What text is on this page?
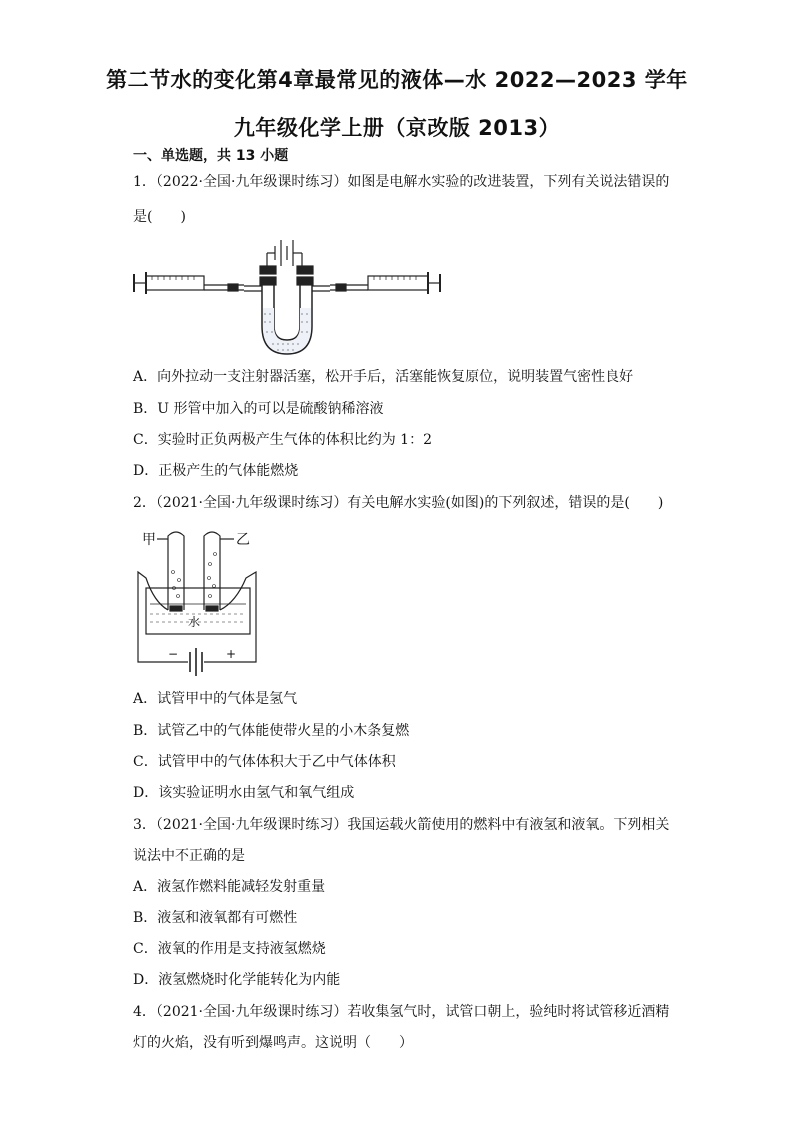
第二节水的变化第4章最常见的液体—水 2022—2023 学年
九年级化学上册（京改版 2013）
一、单选题，共 13 小题
1．（2022·全国·九年级课时练习）如图是电解水实验的改进装置，下列有关说法错误的
是(　　)
A．向外拉动一支注射器活塞，松开手后，活塞能恢复原位，说明装置气密性良好
B．U 形管中加入的可以是硫酸钠稀溶液
C．实验时正负两极产生气体的体积比约为 1：2
D．正极产生的气体能燃烧
2．（2021·全国·九年级课时练习）有关电解水实验(如图)的下列叙述，错误的是(　　)
甲	乙
水
−	+
A．试管甲中的气体是氢气
B．试管乙中的气体能使带火星的小木条复燃
C．试管甲中的气体体积大于乙中气体体积
D．该实验证明水由氢气和氧气组成
3．（2021·全国·九年级课时练习）我国运载火箭使用的燃料中有液氢和液氧。下列相关
说法中不正确的是
A．液氢作燃料能减轻发射重量
B．液氢和液氧都有可燃性
C．液氧的作用是支持液氢燃烧
D．液氢燃烧时化学能转化为内能
4．（2021·全国·九年级课时练习）若收集氢气时，试管口朝上，验纯时将试管移近酒精
灯的火焰，没有听到爆鸣声。这说明（　　）
